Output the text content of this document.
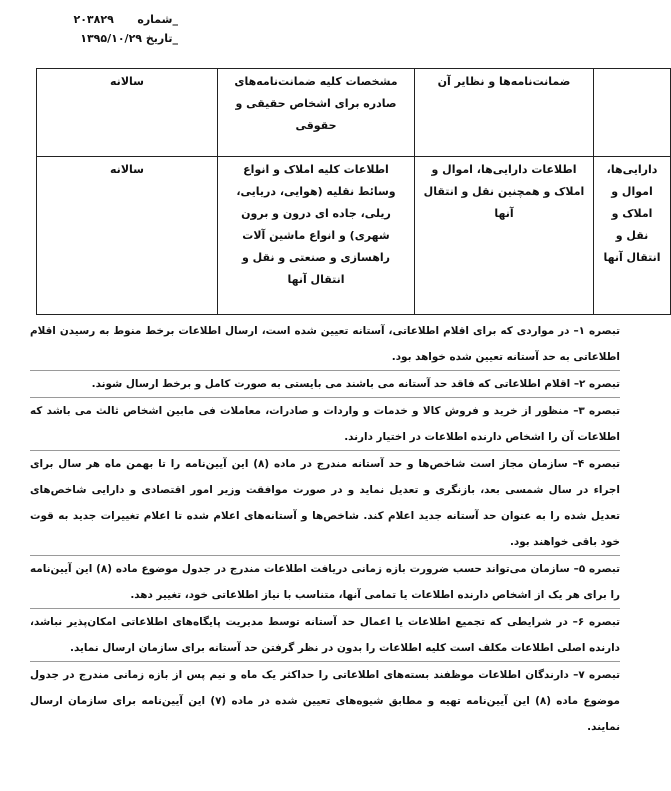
_شماره ۲۰۳۸۲۹
_تاریخ ۱۳۹۵/۱۰/۲۹
	ضمانت‌نامه‌ها و نظایر آن	مشخصات کلیه ضمانت‌نامه‌های صادره برای اشخاص حقیقی و حقوقی	سالانه
دارایی‌ها، اموال و املاک و نقل و انتقال آنها	اطلاعات دارایی‌ها، اموال و املاک و همچنین نقل و انتقال آنها	اطلاعات کلیه املاک و انواع وسائط نقلیه (هوایی، دریایی، ریلی، جاده ای درون و برون شهری) و انواع ماشین آلات راهسازی و صنعتی و نقل و انتقال آنها	سالانه

تبصره ۱– در مواردی که برای اقلام اطلاعاتی، آستانه تعیین شده است، ارسال اطلاعات برخط منوط به رسیدن اقلام اطلاعاتی به حد آستانه تعیین شده خواهد بود.

تبصره ۲– اقلام اطلاعاتی که فاقد حد آستانه می باشند می بایستی به صورت کامل و برخط ارسال شوند.

تبصره ۳– منظور از خرید و فروش کالا و خدمات و واردات و صادرات، معاملات فی مابین اشخاص ثالث می باشد که اطلاعات آن را اشخاص دارنده اطلاعات در اختیار دارند.

تبصره ۴– سازمان مجاز است شاخص‌ها و حد آستانه مندرج در ماده (۸) این آیین‌نامه را تا بهمن ماه هر سال برای اجراء در سال شمسی بعد، بازنگری و تعدیل نماید و در صورت موافقت وزیر امور اقتصادی و دارایی شاخص‌های تعدیل شده را به عنوان حد آستانه جدید اعلام کند. شاخص‌ها و آستانه‌های اعلام شده تا اعلام تغییرات جدید به قوت خود باقی خواهند بود.

تبصره ۵– سازمان می‌تواند حسب ضرورت بازه زمانی دریافت اطلاعات مندرج در جدول موضوع ماده (۸) این آیین‌نامه را برای هر یک از اشخاص دارنده اطلاعات یا تمامی آنها، متناسب با نیاز اطلاعاتی خود، تغییر دهد.

تبصره ۶– در شرایطی که تجمیع اطلاعات یا اعمال حد آستانه توسط مدیریت پایگاه‌های اطلاعاتی امکان‌پذیر نباشد، دارنده اصلی اطلاعات مکلف است کلیه اطلاعات را بدون در نظر گرفتن حد آستانه برای سازمان ارسال نماید.

تبصره ۷– دارندگان اطلاعات موظفند بسته‌های اطلاعاتی را حداکثر یک ماه و نیم پس از بازه زمانی مندرج در جدول موضوع ماده (۸) این آیین‌نامه تهیه و مطابق شیوه‌های تعیین شده در ماده (۷) این آیین‌نامه برای سازمان ارسال نمایند.
